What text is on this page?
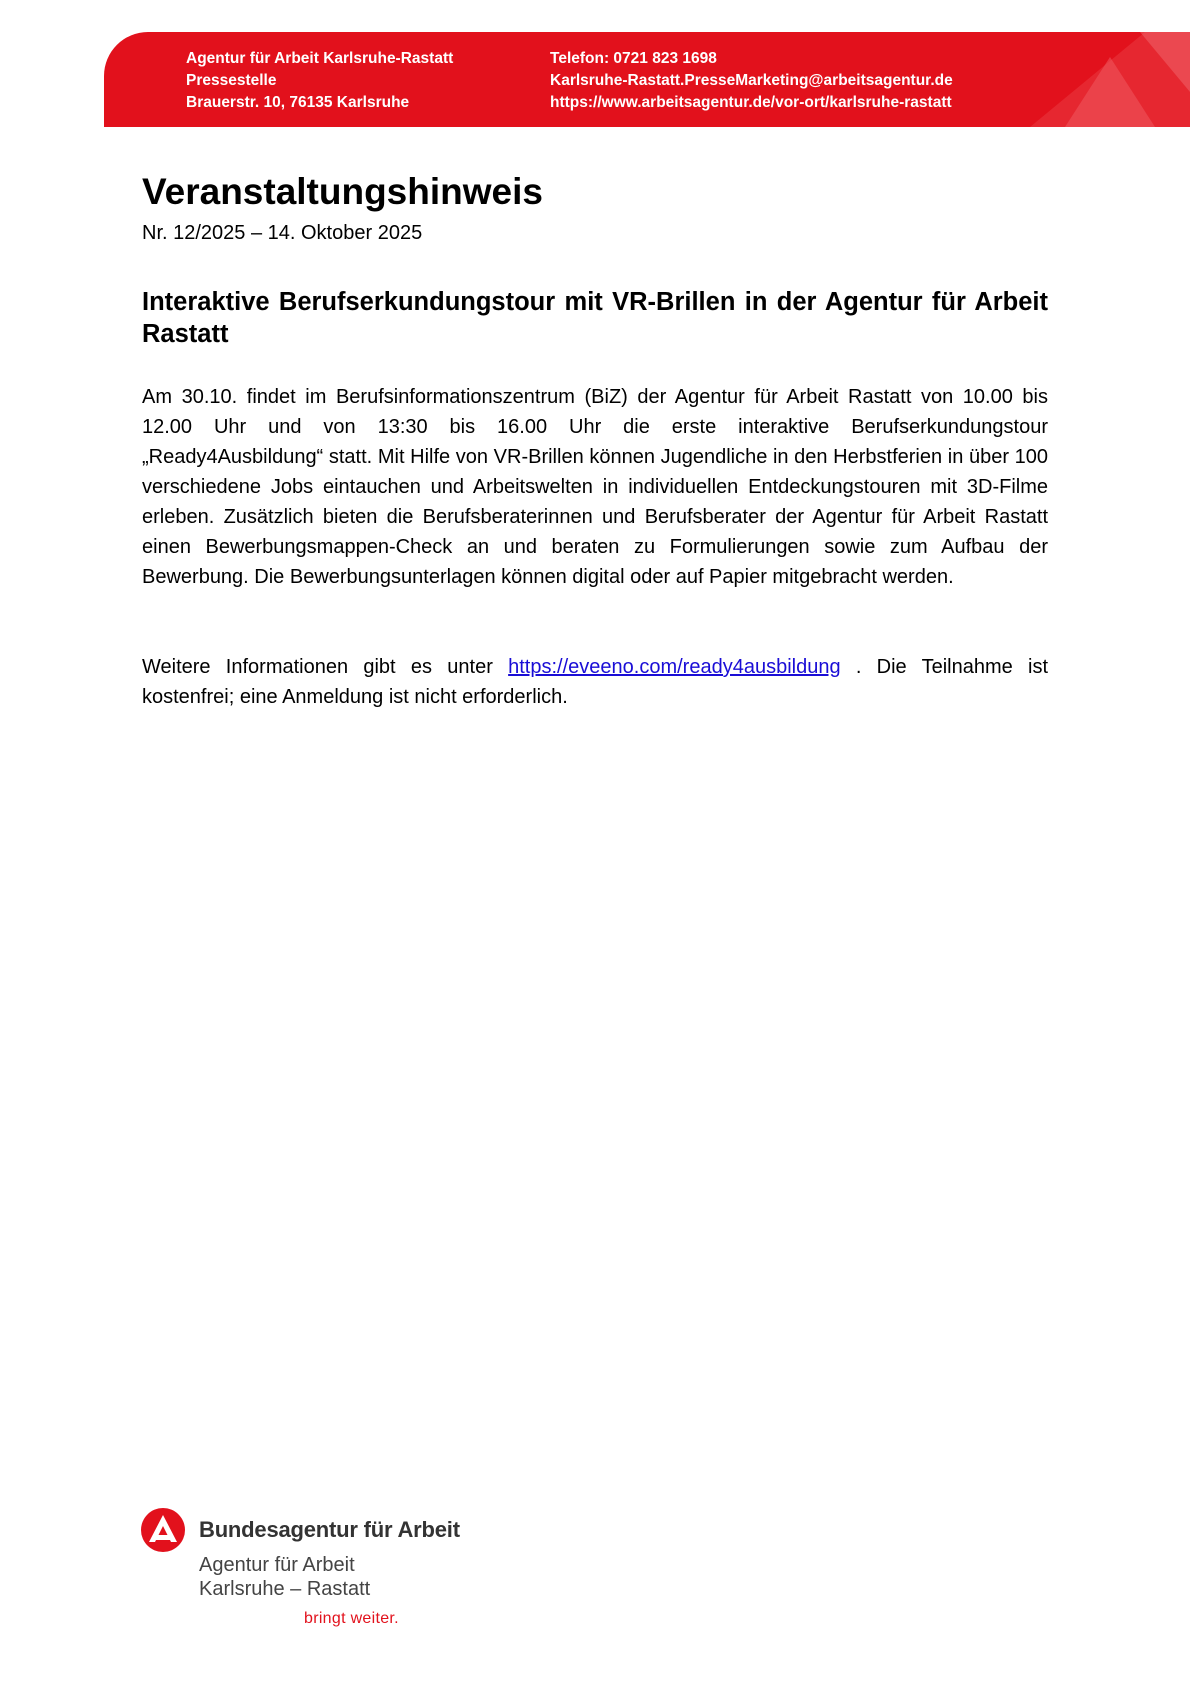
Agentur für Arbeit Karlsruhe-Rastatt
Pressestelle
Brauerstr. 10, 76135 Karlsruhe
Telefon: 0721 823 1698
Karlsruhe-Rastatt.PresseMarketing@arbeitsagentur.de
https://www.arbeitsagentur.de/vor-ort/karlsruhe-rastatt
Veranstaltungshinweis
Nr. 12/2025 – 14. Oktober 2025
Interaktive Berufserkundungstour mit VR-Brillen in der Agentur für Arbeit Rastatt

Am 30.10. findet im Berufsinformationszentrum (BiZ) der Agentur für Arbeit Rastatt von 10.00 bis 12.00 Uhr und von 13:30 bis 16.00 Uhr die erste interaktive Berufserkundungstour „Ready4Ausbildung“ statt. Mit Hilfe von VR-Brillen können Jugendliche in den Herbstferien in über 100 verschiedene Jobs eintauchen und Arbeitswelten in individuellen Entdeckungstouren mit 3D-Filme erleben. Zusätzlich bieten die Berufsberaterinnen und Berufsberater der Agentur für Arbeit Rastatt einen Bewerbungsmappen-Check an und beraten zu Formulierungen sowie zum Aufbau der Bewerbung. Die Bewerbungsunterlagen können digital oder auf Papier mitgebracht werden.

Weitere Informationen gibt es unter https://eveeno.com/ready4ausbildung . Die Teilnahme ist kostenfrei; eine Anmeldung ist nicht erforderlich.

Bundesagentur für Arbeit
Agentur für Arbeit
Karlsruhe – Rastatt
bringt weiter.
